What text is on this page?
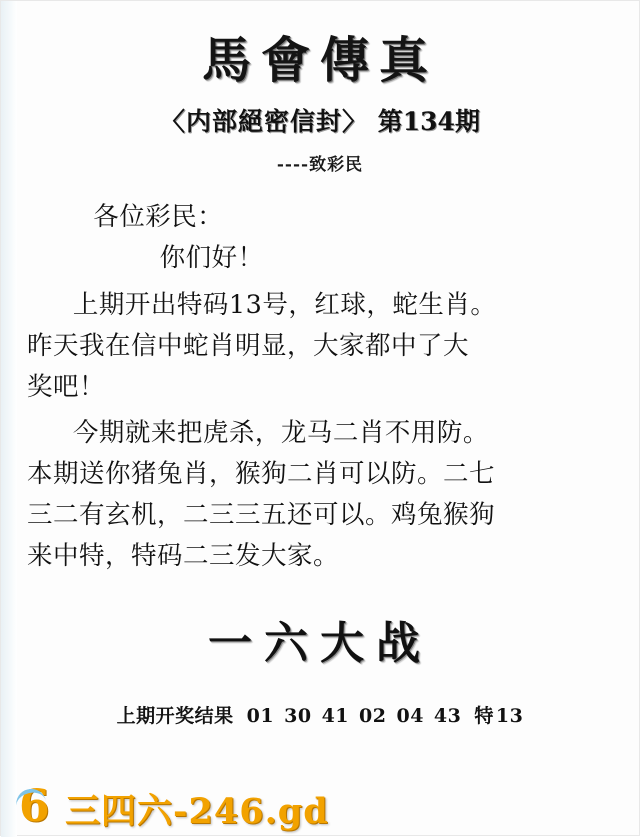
馬會傳真
〈内部絕密信封〉 第134期
----致彩民
各位彩民：
你们好！
上期开出特码13号，红球，蛇生肖。
昨天我在信中蛇肖明显，大家都中了大
奖吧！
今期就来把虎杀，龙马二肖不用防。
本期送你猪兔肖，猴狗二肖可以防。二七
三二有玄机，二三三五还可以。鸡兔猴狗
来中特，特码二三发大家。
一六大战
上期开奖结果 01 30 41 02 04 43 特 13
6 三四六-246.gd
